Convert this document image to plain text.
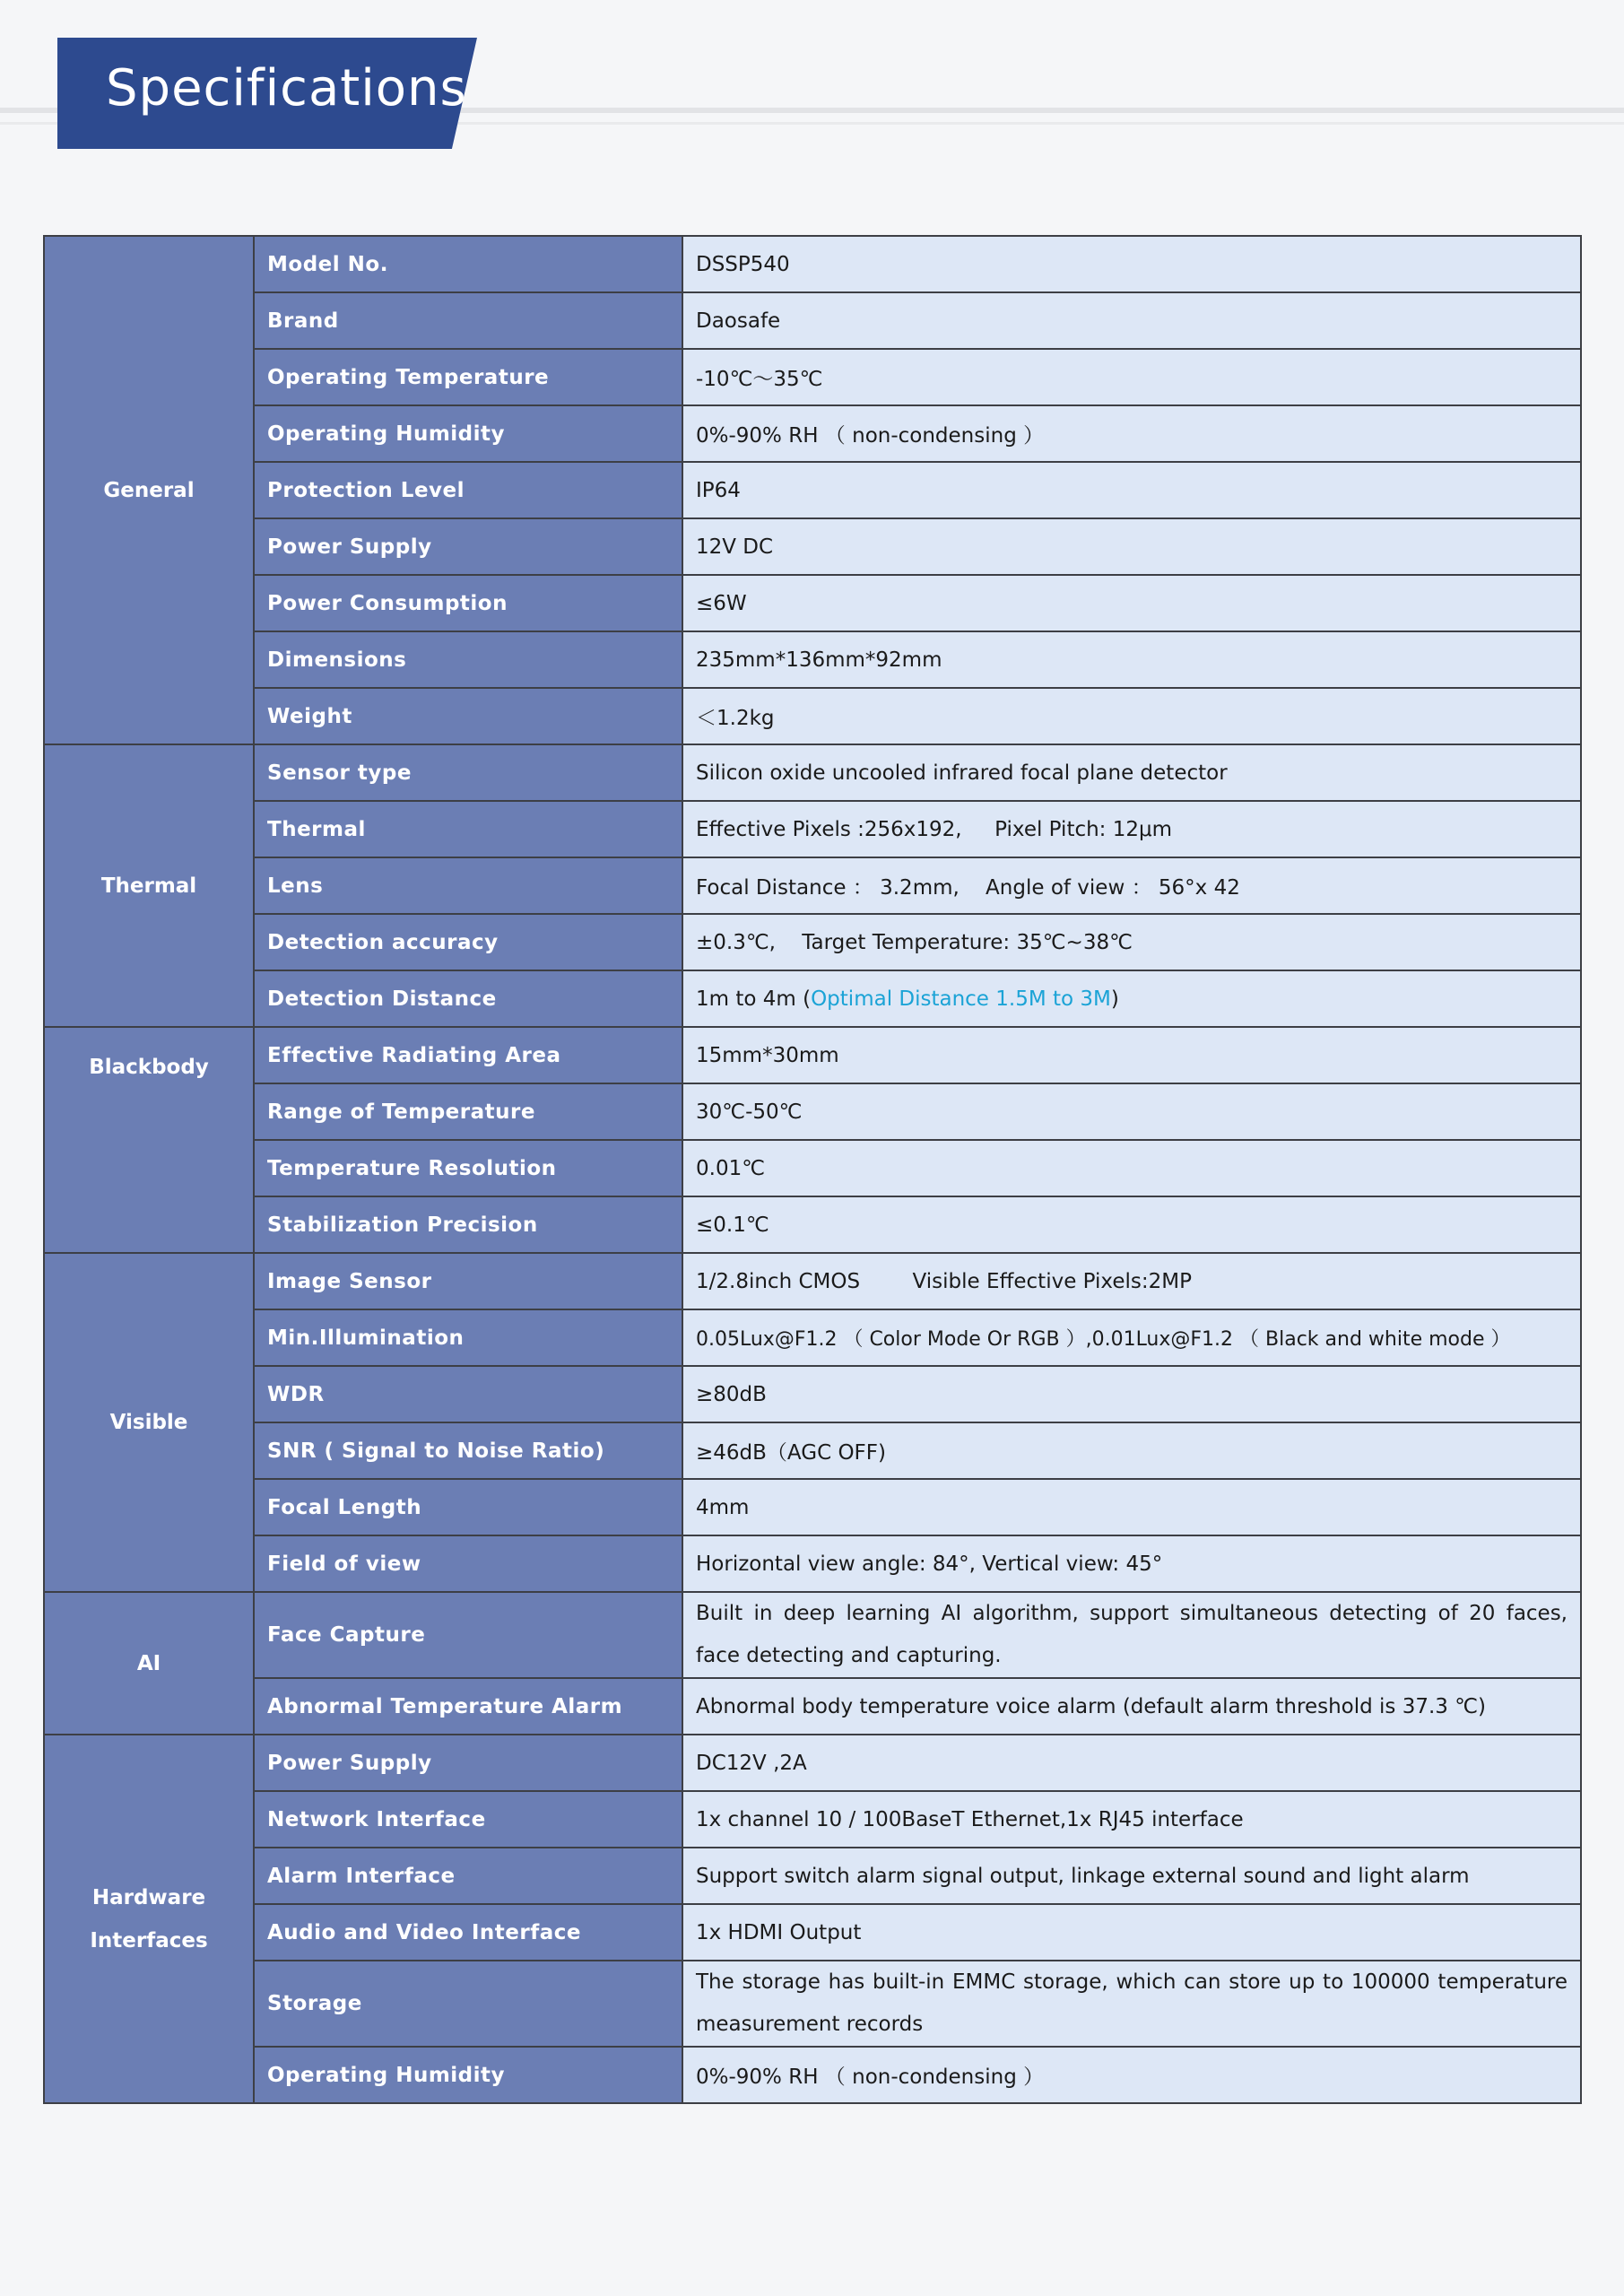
Specifications
General	Model No.	DSSP540
	Brand	Daosafe
	Operating Temperature	-10℃～35℃
	Operating Humidity	0%-90% RH （ non-condensing ）
	Protection Level	IP64
	Power Supply	12V DC
	Power Consumption	≤6W
	Dimensions	235mm*136mm*92mm
	Weight	＜1.2kg
Thermal	Sensor type	Silicon oxide uncooled infrared focal plane detector
	Thermal	Effective Pixels :256x192,     Pixel Pitch: 12μm
	Lens	Focal Distance ： 3.2mm,    Angle of view ： 56°x 42
	Detection accuracy	±0.3℃,    Target Temperature: 35℃~38℃
	Detection Distance	1m to 4m (Optimal Distance 1.5M to 3M)
Blackbody	Effective Radiating Area	15mm*30mm
	Range of Temperature	30℃-50℃
	Temperature Resolution	0.01℃
	Stabilization Precision	≤0.1℃
Visible	Image Sensor	1/2.8inch CMOS        Visible Effective Pixels:2MP
	Min.Illumination	0.05Lux@F1.2 （ Color Mode Or RGB ）,0.01Lux@F1.2 （ Black and white mode ）
	WDR	≥80dB
	SNR ( Signal to Noise Ratio)	≥46dB（AGC OFF)
	Focal Length	4mm
	Field of view	Horizontal view angle: 84°, Vertical view: 45°
AI	Face Capture	Built in deep learning AI algorithm, support simultaneous detecting of 20 faces, face detecting and capturing.
	Abnormal Temperature Alarm	Abnormal body temperature voice alarm (default alarm threshold is 37.3 ℃)
Hardware Interfaces	Power Supply	DC12V ,2A
	Network Interface	1x channel 10 / 100BaseT Ethernet,1x RJ45 interface
	Alarm Interface	Support switch alarm signal output, linkage external sound and light alarm
	Audio and Video Interface	1x HDMI Output
	Storage	The storage has built-in EMMC storage, which can store up to 100000 temperature measurement records
	Operating Humidity	0%-90% RH （ non-condensing ）
